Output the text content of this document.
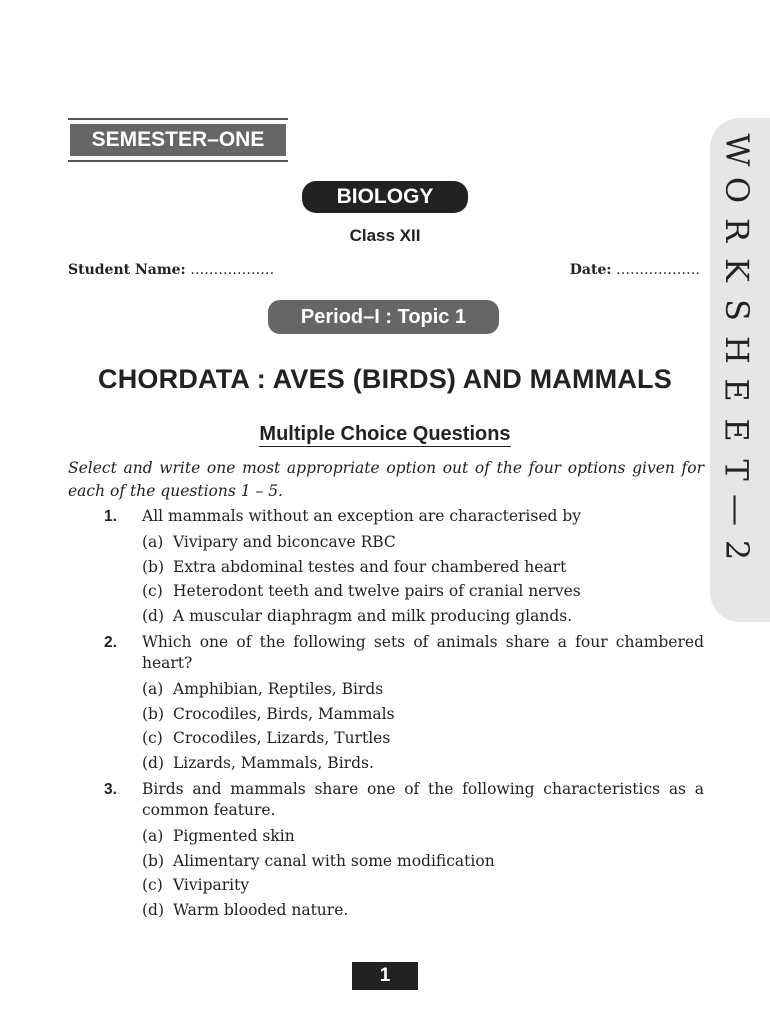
SEMESTER–ONE	W
O
R
K
S
H
E
E
T
—
2
BIOLOGY
Class XII
Student Name: ………………	Date: ………………
Period–I : Topic 1
CHORDATA : AVES (BIRDS) AND MAMMALS
Multiple Choice Questions
Select and write one most appropriate option out of the four options given for each of the questions 1 – 5.
1.	All mammals without an exception are characterised by
(a) Vivipary and biconcave RBC
(b) Extra abdominal testes and four chambered heart
(c) Heterodont teeth and twelve pairs of cranial nerves
(d) A muscular diaphragm and milk producing glands.
2.	Which one of the following sets of animals share a four chambered heart?
(a) Amphibian, Reptiles, Birds
(b) Crocodiles, Birds, Mammals
(c) Crocodiles, Lizards, Turtles
(d) Lizards, Mammals, Birds.
3.	Birds and mammals share one of the following characteristics as a common feature.
(a) Pigmented skin
(b) Alimentary canal with some modification
(c) Viviparity
(d) Warm blooded nature.
1
